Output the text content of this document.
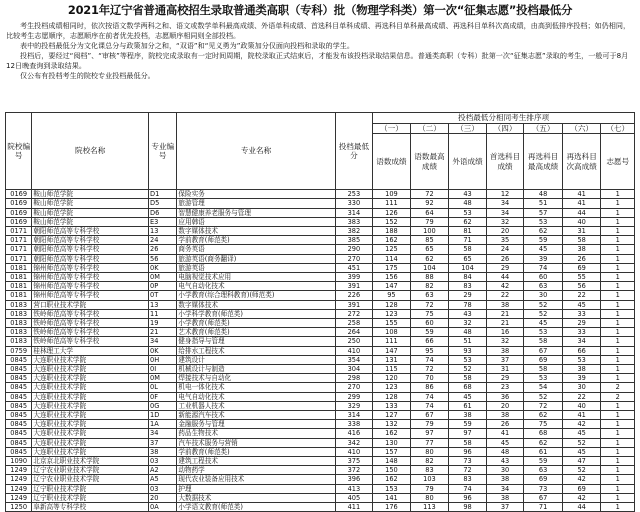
2021年辽宁省普通高校招生录取普通类高职（专科）批（物理学科类）第一次“征集志愿”投档最低分

考生投档成绩相同时，依次按语文数学两科之和、语文或数学单科最高成绩、外语单科成绩、首选科目单科成绩、再选科目单科最高成绩、再选科目单科次高成绩，由高到低排序投档；如仍相同，比较考生志愿顺序，志愿顺序在前者优先投档，志愿顺序相同则全部投档。

表中的投档最低分为文化课总分与政策加分之和，“双语”和“见义勇为”政策加分仅面向投档和录取的学生。

投档后，要经过“阅档”、“审核”等程序，院校完成录取有一定时间周期，院校录取正式结束后，才能发布该投档录取结果信息。普通类高职（专科）批第一次“征集志愿”录取的考生，一般可于8月12日晚查询到录取结果。

仅公布有投档考生的院校专业投档最低分。

院校编号	院校名称	专业编号	专业名称	投档最低分	投档最低分相同考生排序项						
					（一）	（二）	（三）	（四）	（五）	（六）	（七）
					语数成绩	语数最高成绩	外语成绩	首选科目成绩	再选科目最高成绩	再选科目次高成绩	志愿号
0169	鞍山师范学院	D1	保险实务	253	109	72	43	12	48	41	1
0169	鞍山师范学院	D5	旅游管理	330	111	92	48	34	51	41	1
0169	鞍山师范学院	D6	智慧健康养老服务与管理	314	126	64	53	34	57	44	1
0169	鞍山师范学院	E3	应用韩语	383	152	79	62	32	53	40	1
0171	朝阳师范高等专科学校	13	数字媒体技术	382	188	100	81	20	62	31	1
0171	朝阳师范高等专科学校	24	学前教育(师范类)	385	162	85	71	35	59	58	1
0171	朝阳师范高等专科学校	26	商务英语	290	125	65	58	24	45	38	1
0171	朝阳师范高等专科学校	56	旅游英语(商务翻译)	270	114	62	65	26	39	26	1
0181	锦州师范高等专科学校	0K	旅游英语	451	175	104	104	29	74	69	1
0181	锦州师范高等专科学校	0M	电脑视觉技术应用	399	156	88	84	44	60	55	1
0181	锦州师范高等专科学校	0P	电气自动化技术	391	147	82	83	42	63	56	1
0181	锦州师范高等专科学校	0T	小学教育(综合理科教育)(师范类)	226	95	63	29	22	30	22	1
0183	营口职业技术学院	13	数字媒体技术	391	128	72	78	38	52	45	1
0183	铁岭师范高等专科学校	11	小学科学教育(师范类)	272	123	75	43	21	52	33	1
0183	铁岭师范高等专科学校	19	小学教育(师范类)	258	155	60	32	21	45	29	1
0183	铁岭师范高等专科学校	21	艺术教育(师范类)	264	108	59	48	16	53	33	1
0183	铁岭师范高等专科学校	34	健身指导与管理	250	111	66	51	32	58	34	1
0759	桂林理工大学	0K	给排水工程技术	410	147	95	93	38	67	66	1
0845	大连职业技术学院	0H	建筑设计	354	131	74	53	37	69	53	1
0845	大连职业技术学院	0I	机械设计与制造	304	115	72	52	31	58	38	1
0845	大连职业技术学院	0M	焊接技术与自动化	298	120	70	58	29	53	39	1
0845	大连职业技术学院	0L	机电一体化技术	270	123	86	68	23	54	30	2
0845	大连职业技术学院	0F	电气自动化技术	299	128	74	45	36	52	22	2
0845	大连职业技术学院	0G	工业机器人技术	329	133	74	61	20	72	40	1
0845	大连职业技术学院	1D	新能源汽车技术	314	127	67	38	38	62	41	1
0845	大连职业技术学院	1A	金融服务与管理	338	132	79	59	26	75	42	1
0845	大连职业技术学院	34	药品生物技术	416	162	97	97	41	68	45	1
0845	大连职业技术学院	37	汽车技术服务与营销	342	130	77	58	45	62	52	1
0845	大连职业技术学院	38	学前教育(师范类)	410	157	80	96	48	61	45	1
1090	北京京北职业技术学院	03	建筑工程技术	375	148	82	73	43	59	47	1
1249	辽宁农业职业技术学院	A2	动物药学	372	150	83	72	30	63	52	1
1249	辽宁农业职业技术学院	A5	现代农业装备应用技术	396	162	103	83	38	69	42	1
1249	辽宁职业技术学院	03	护理	413	153	79	74	34	73	69	1
1249	辽宁职业技术学院	20	大数据技术	405	141	80	96	38	67	42	1
1250	阜新高等专科学校	0A	小学语文教育(师范类)	411	176	113	98	37	71	44	1
